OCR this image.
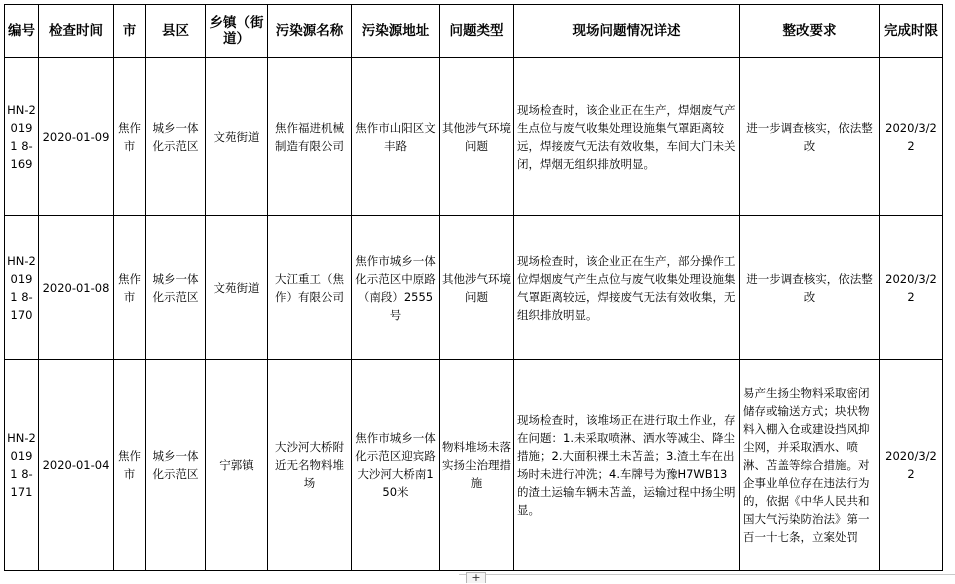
编号	检查时间	市	县区	乡镇（街道）	污染源名称	污染源地址	问题类型	现场问题情况详述	整改要求	完成时限
HN-20191 8-169	2020-01-09	焦作市	城乡一体化示范区	文苑街道	焦作福进机械制造有限公司	焦作市山阳区文丰路	其他涉气环境问题	现场检查时，该企业正在生产，焊烟废气产生点位与废气收集处理设施集气罩距离较远，焊接废气无法有效收集，车间大门未关闭，焊烟无组织排放明显。	进一步调查核实，依法整改	2020/3/22
HN-20191 8-170	2020-01-08	焦作市	城乡一体化示范区	文苑街道	大江重工（焦作）有限公司	焦作市城乡一体化示范区中原路（南段）2555号	其他涉气环境问题	现场检查时，该企业正在生产，部分操作工位焊烟废气产生点位与废气收集处理设施集气罩距离较远，焊接废气无法有效收集，无组织排放明显。	进一步调查核实，依法整改	2020/3/22
HN-20191 8-171	2020-01-04	焦作市	城乡一体化示范区	宁郭镇	大沙河大桥附近无名物料堆场	焦作市城乡一体化示范区迎宾路大沙河大桥南150米	物料堆场未落实扬尘治理措施	现场检查时，该堆场正在进行取土作业，存在问题：1.未采取喷淋、洒水等减尘、降尘措施；2.大面积裸土未苫盖；3.渣土车在出场时未进行冲洗；4.车牌号为豫H7WB13的渣土运输车辆未苫盖，运输过程中扬尘明显。	易产生扬尘物料采取密闭储存或输送方式；块状物料入棚入仓或建设挡风抑尘网，并采取洒水、喷淋、苫盖等综合措施。对企事业单位存在违法行为的，依据《中华人民共和国大气污染防治法》第一百一十七条，立案处罚	2020/3/22
+
